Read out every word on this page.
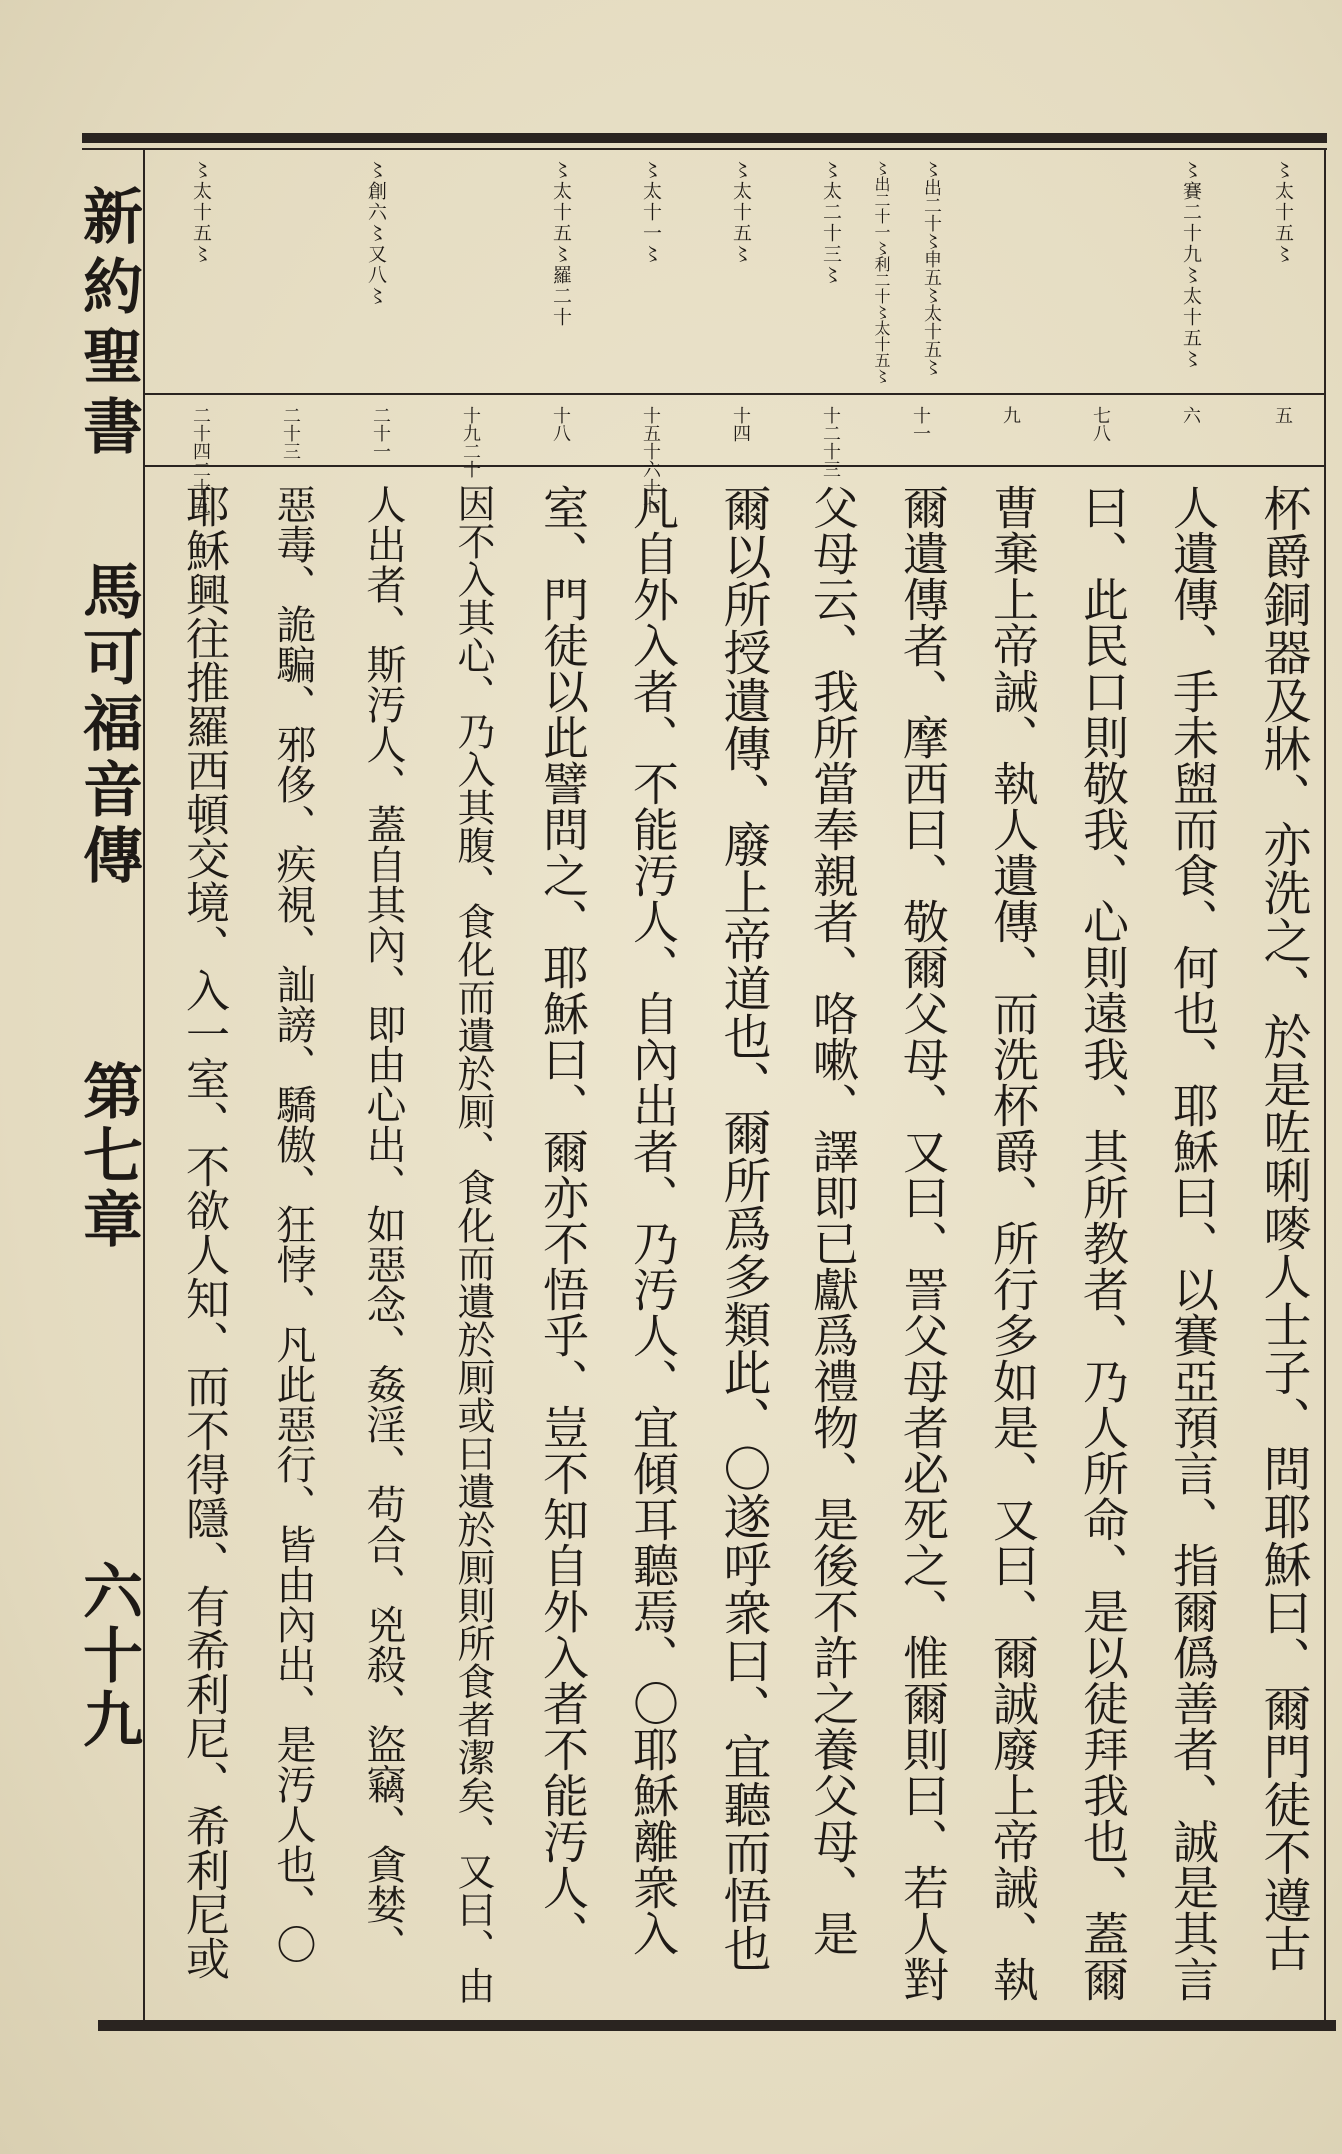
新約聖書
馬可福音傳
第七章
六十九
〻太十五〻
〻賽二十九〻太十五〻
〻出二十〻申五〻太十五〻
〻出二十一〻利二十〻太十五〻
〻太二十三〻
〻太十五〻
〻太十一〻
〻太十五〻羅二十
〻創六〻又八〻
〻太十五〻
五
六
七八
九
十一
十二十三
十四
十五十六十七
十八
十九二十
二十一
二十三
二十四二十五
杯爵銅器及牀、亦洗之、於是咗唎嘜人士子、問耶穌曰、爾門徒不遵古
人遺傳、手未盥而食、何也、耶穌曰、以賽亞預言、指爾僞善者、誠是其言
曰、此民口則敬我、心則遠我、其所教者、乃人所命、是以徒拜我也、蓋爾
曹棄上帝誡、執人遺傳、而洗杯爵、所行多如是、又曰、爾誠廢上帝誡、執
爾遺傳者、摩西曰、敬爾父母、又曰、詈父母者必死之、惟爾則曰、若人對
父母云、我所當奉親者、咯嗽、譯即已獻爲禮物、是後不許之養父母、是
爾以所授遺傳、廢上帝道也、爾所爲多類此、〇遂呼衆曰、宜聽而悟也
凡自外入者、不能汚人、自內出者、乃汚人、宜傾耳聽焉、〇耶穌離衆入
室、門徒以此譬問之、耶穌曰、爾亦不悟乎、豈不知自外入者不能汚人、
因不入其心、乃入其腹、食化而遺於厠、食化而遺於厠或曰遺於厠則所食者潔矣、又曰、由
人出者、斯汚人、蓋自其內、即由心出、如惡念、姦淫、苟合、兇殺、盜竊、貪婪、
惡毒、詭騙、邪侈、疾視、訕謗、驕傲、狂悖、凡此惡行、皆由內出、是汚人也、〇
耶穌興往推羅西頓交境、入一室、不欲人知、而不得隱、有希利尼、希利尼或
